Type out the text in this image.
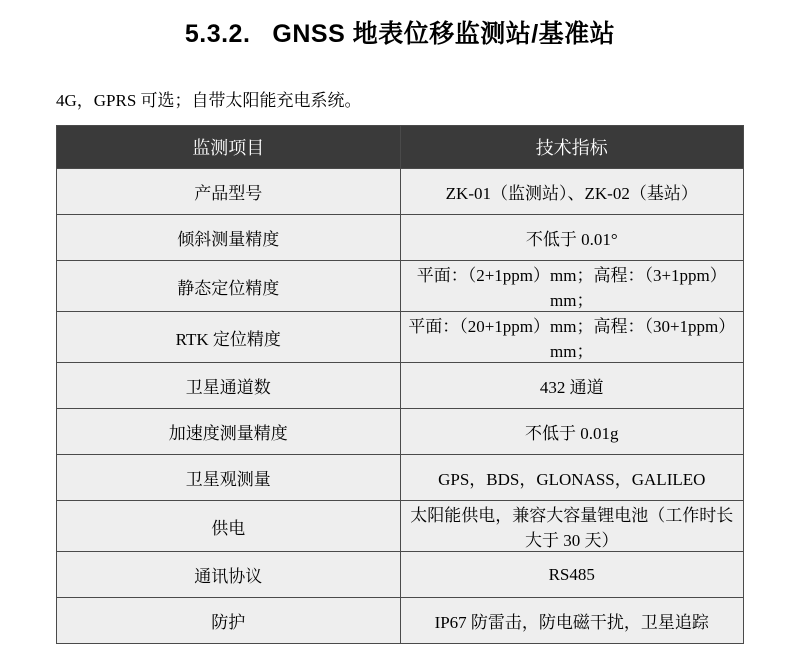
5.3.2. GNSS 地表位移监测站/基准站
4G，GPRS 可选；自带太阳能充电系统。
监测项目	技术指标
产品型号	ZK-01（监测站）、ZK-02（基站）
倾斜测量精度	不低于 0.01°
静态定位精度	平面：（2+1ppm）mm；高程：（3+1ppm）mm；
RTK 定位精度	平面：（20+1ppm）mm；高程：（30+1ppm）mm；
卫星通道数	432 通道
加速度测量精度	不低于 0.01g
卫星观测量	GPS，BDS，GLONASS，GALILEO
供电	太阳能供电，兼容大容量锂电池（工作时长大于 30 天）
通讯协议	RS485
防护	IP67 防雷击，防电磁干扰，卫星追踪
